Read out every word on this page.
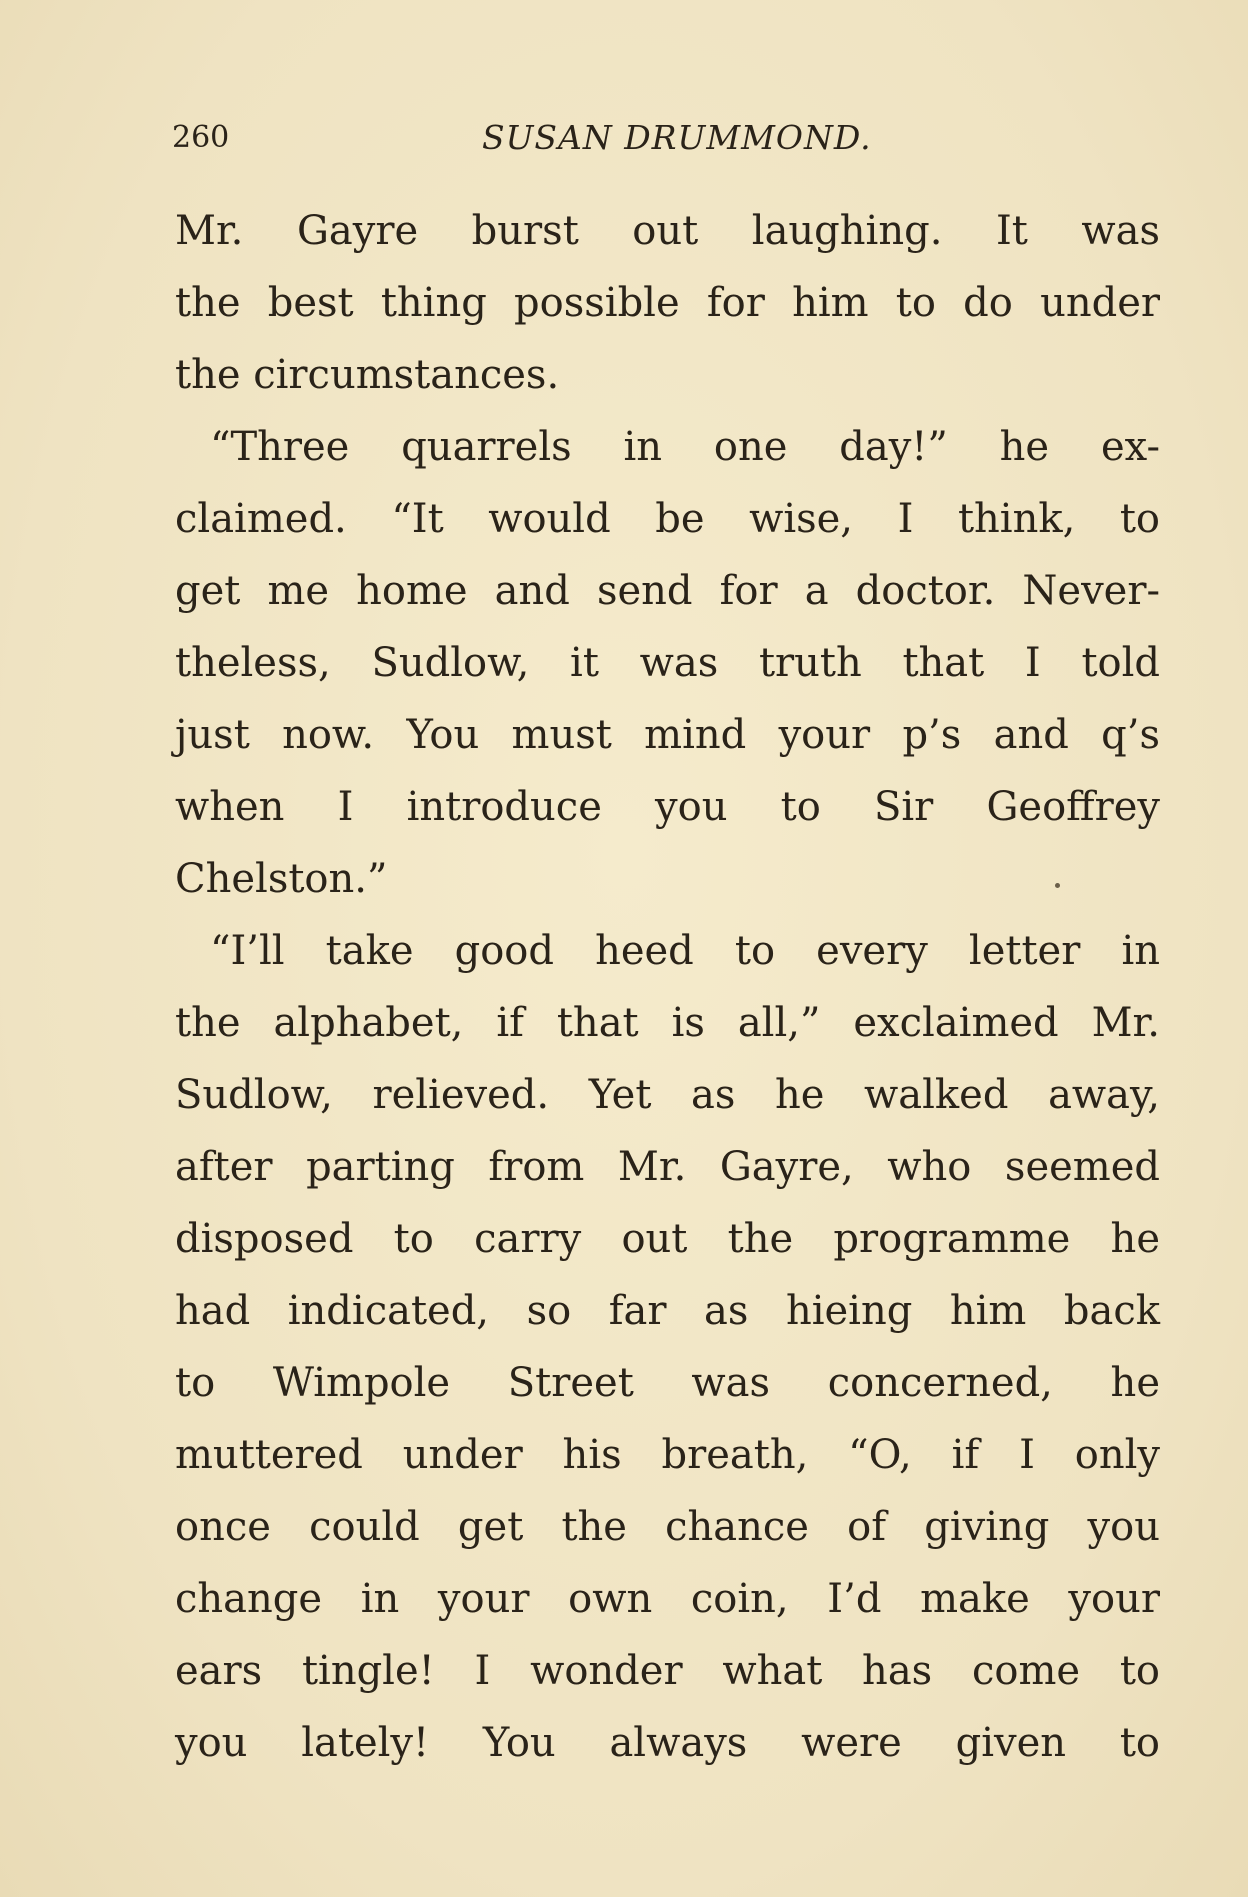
260	SUSAN DRUMMOND.
Mr. Gayre burst out laughing. It was
the best thing possible for him to do under
the circumstances.
“Three quarrels in one day!” he ex-
claimed. “It would be wise, I think, to
get me home and send for a doctor. Never-
theless, Sudlow, it was truth that I told
just now. You must mind your p’s and q’s
when I introduce you to Sir Geoffrey
Chelston.”
“I’ll take good heed to every letter in
the alphabet, if that is all,” exclaimed Mr.
Sudlow, relieved. Yet as he walked away,
after parting from Mr. Gayre, who seemed
disposed to carry out the programme he
had indicated, so far as hieing him back
to Wimpole Street was concerned, he
muttered under his breath, “O, if I only
once could get the chance of giving you
change in your own coin, I’d make your
ears tingle! I wonder what has come to
you lately! You always were given to
